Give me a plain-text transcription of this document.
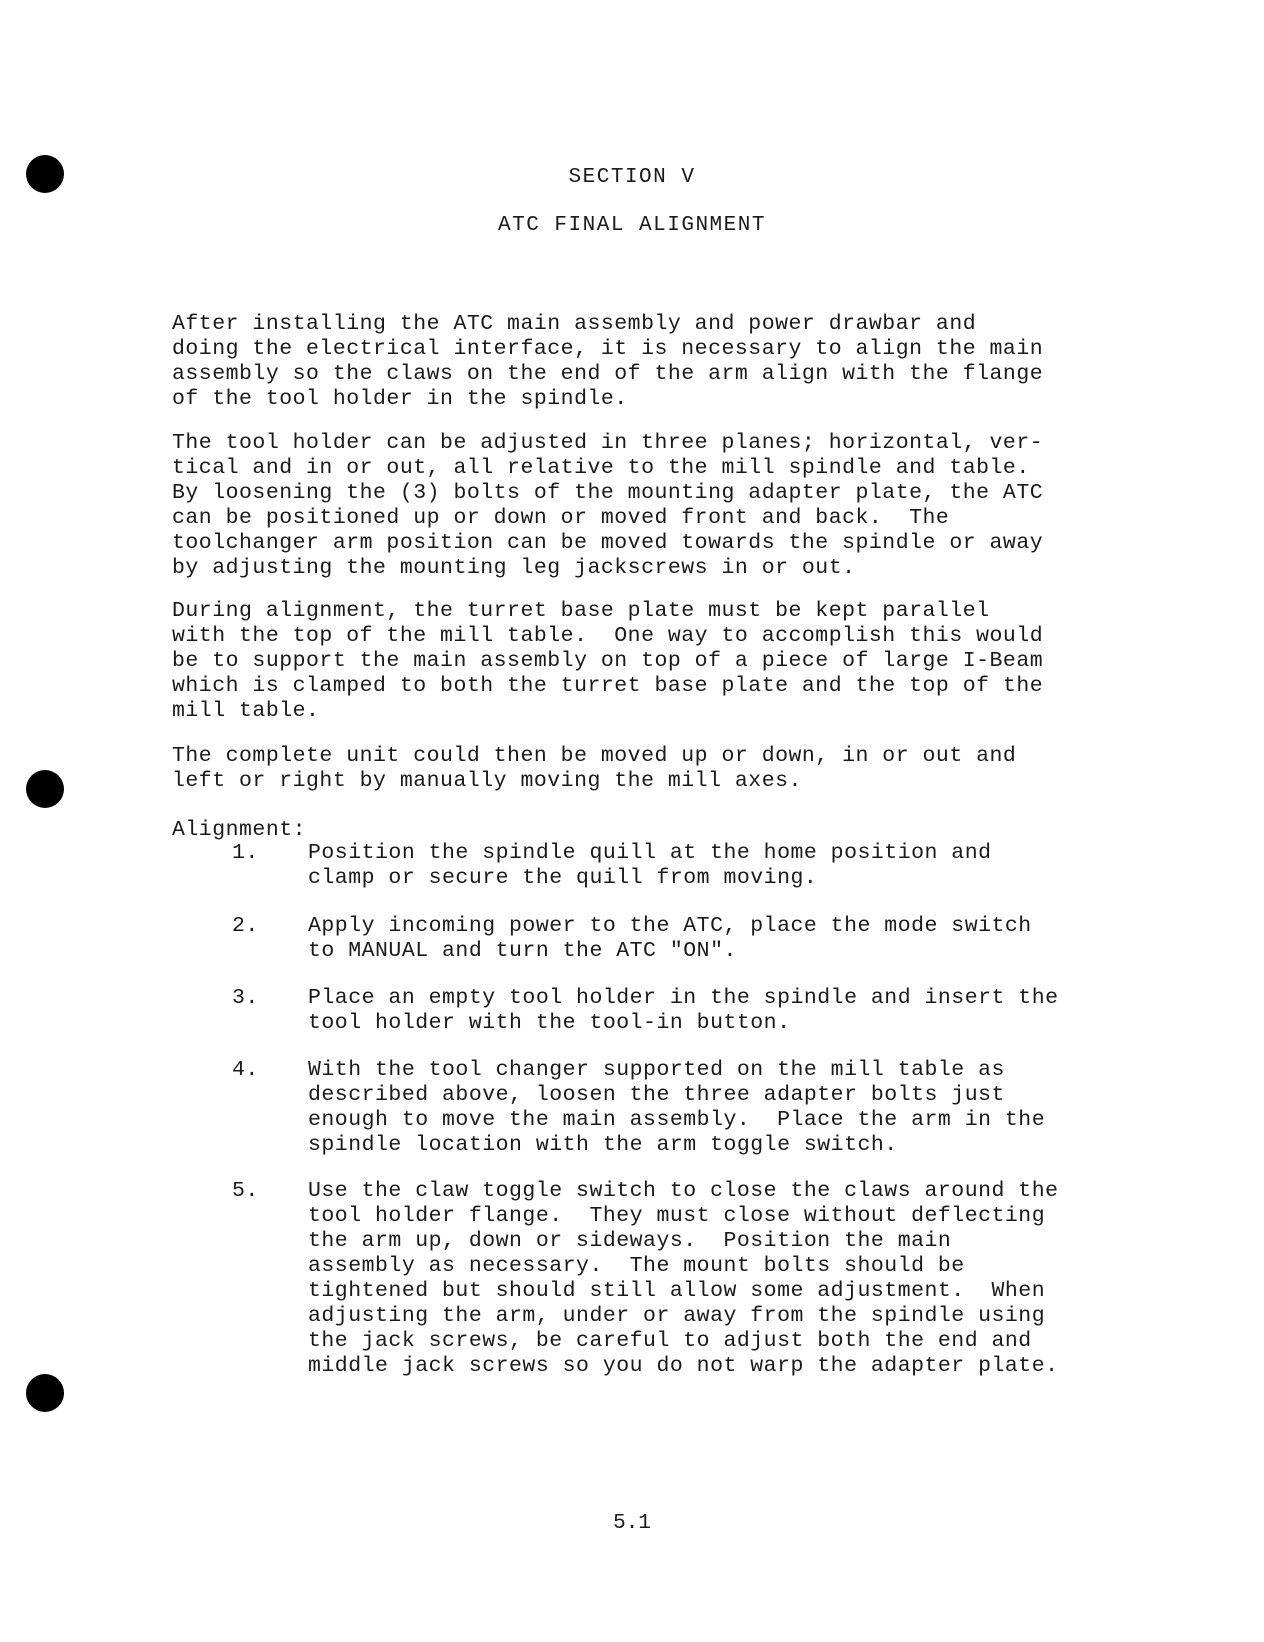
SECTION V
ATC FINAL ALIGNMENT
After installing the ATC main assembly and power drawbar and
doing the electrical interface, it is necessary to align the main
assembly so the claws on the end of the arm align with the flange
of the tool holder in the spindle.
The tool holder can be adjusted in three planes; horizontal, ver-
tical and in or out, all relative to the mill spindle and table.
By loosening the (3) bolts of the mounting adapter plate, the ATC
can be positioned up or down or moved front and back.  The
toolchanger arm position can be moved towards the spindle or away
by adjusting the mounting leg jackscrews in or out.
During alignment, the turret base plate must be kept parallel
with the top of the mill table.  One way to accomplish this would
be to support the main assembly on top of a piece of large I-Beam
which is clamped to both the turret base plate and the top of the
mill table.
The complete unit could then be moved up or down, in or out and
left or right by manually moving the mill axes.
Alignment:
1. Position the spindle quill at the home position and
clamp or secure the quill from moving.
2. Apply incoming power to the ATC, place the mode switch
to MANUAL and turn the ATC "ON".
3. Place an empty tool holder in the spindle and insert the
tool holder with the tool-in button.
4. With the tool changer supported on the mill table as
described above, loosen the three adapter bolts just
enough to move the main assembly.  Place the arm in the
spindle location with the arm toggle switch.
5. Use the claw toggle switch to close the claws around the
tool holder flange.  They must close without deflecting
the arm up, down or sideways.  Position the main
assembly as necessary.  The mount bolts should be
tightened but should still allow some adjustment.  When
adjusting the arm, under or away from the spindle using
the jack screws, be careful to adjust both the end and
middle jack screws so you do not warp the adapter plate.
5.1
